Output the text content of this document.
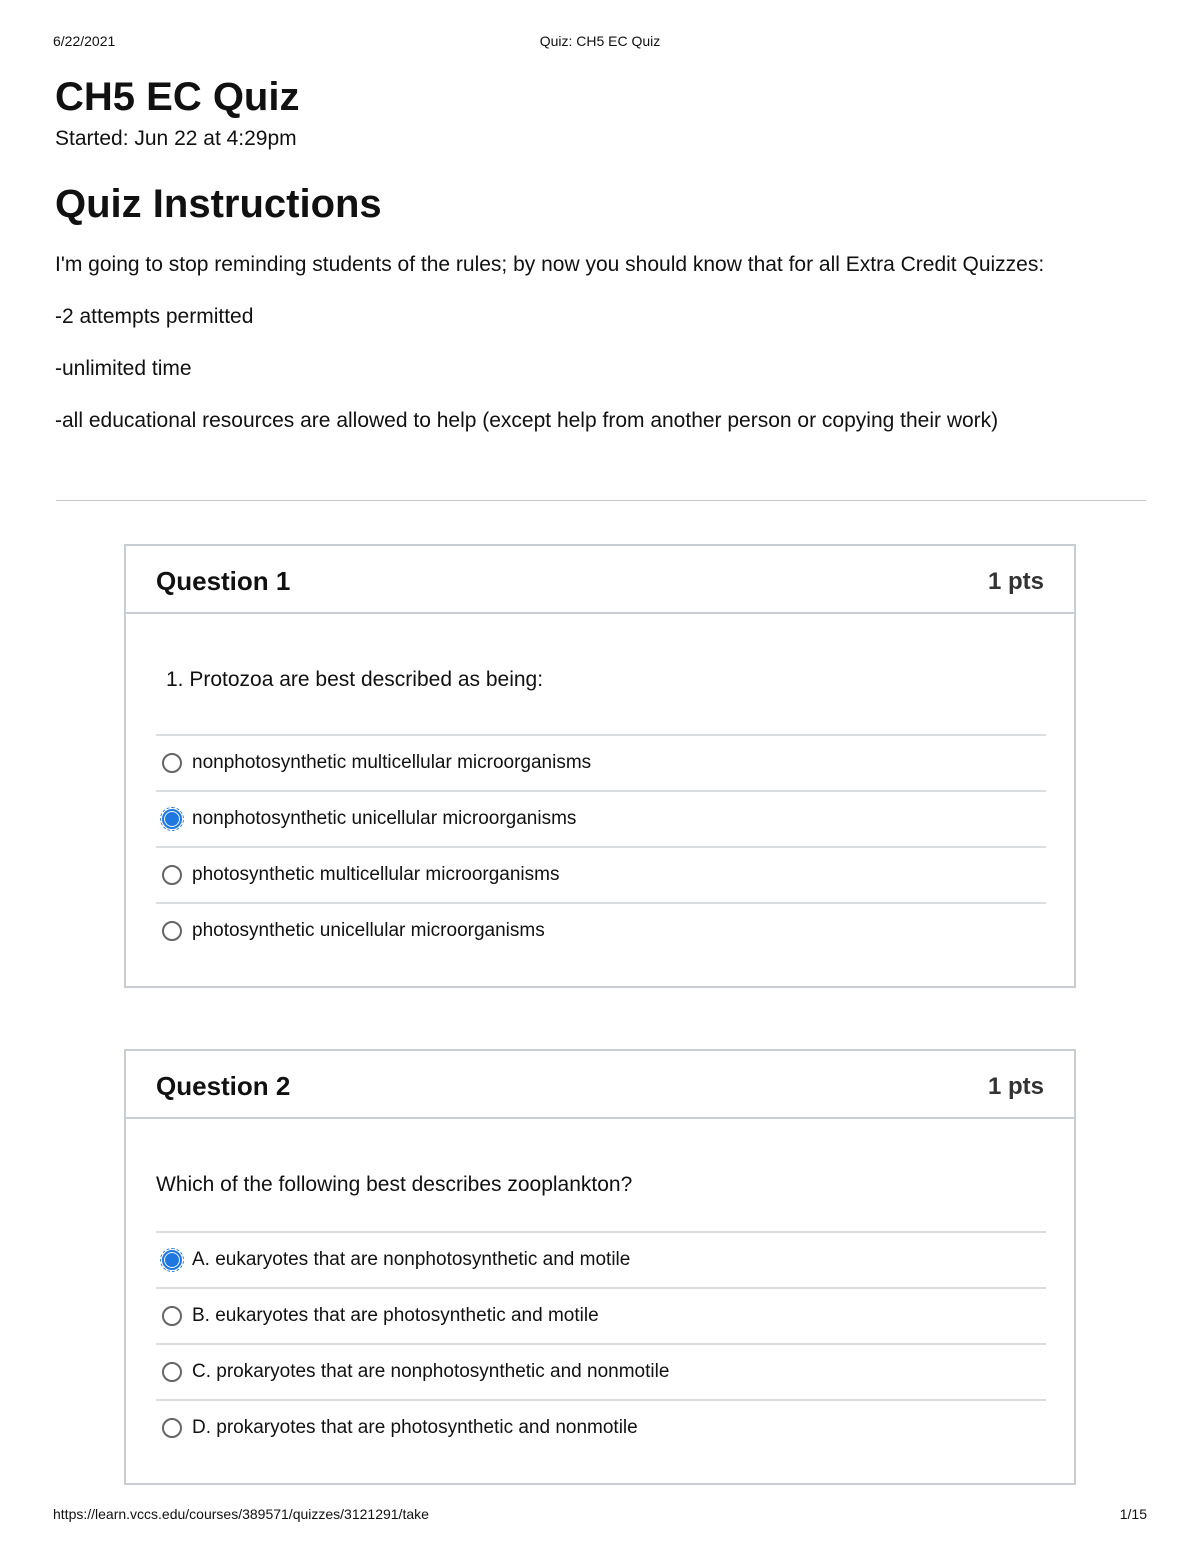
6/22/2021	Quiz: CH5 EC Quiz
CH5 EC Quiz
Started: Jun 22 at 4:29pm
Quiz Instructions

I'm going to stop reminding students of the rules; by now you should know that for all Extra Credit Quizzes:

-2 attempts permitted

-unlimited time

-all educational resources are allowed to help (except help from another person or copying their work)

Question 1	1 pts
1. Protozoa are best described as being:
nonphotosynthetic multicellular microorganisms
nonphotosynthetic unicellular microorganisms
photosynthetic multicellular microorganisms
photosynthetic unicellular microorganisms
Question 2	1 pts
Which of the following best describes zooplankton?
A. eukaryotes that are nonphotosynthetic and motile
B. eukaryotes that are photosynthetic and motile
C. prokaryotes that are nonphotosynthetic and nonmotile
D. prokaryotes that are photosynthetic and nonmotile
https://learn.vccs.edu/courses/389571/quizzes/3121291/take	1/15
